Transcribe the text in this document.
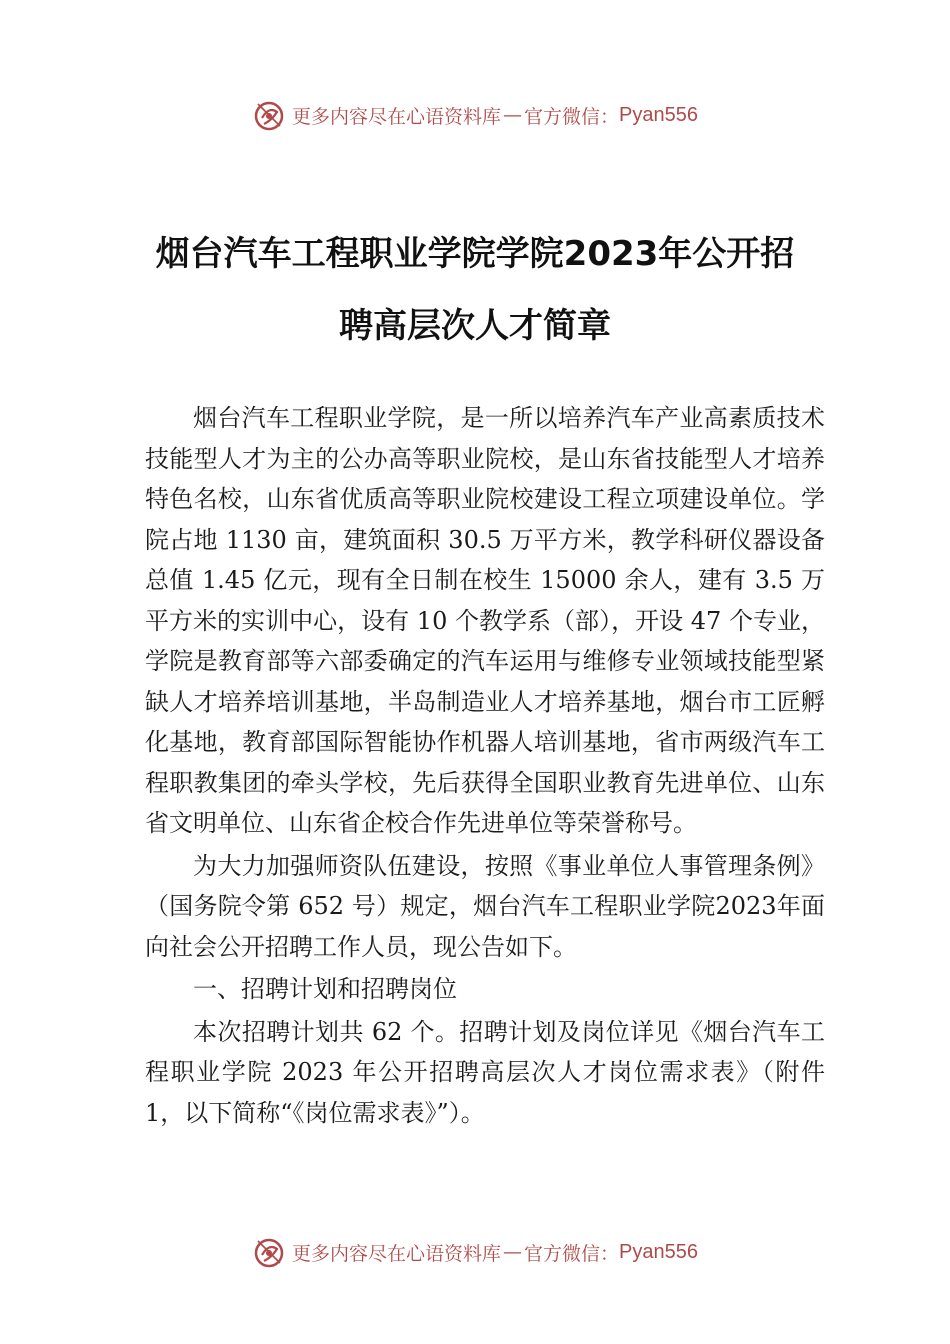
更多内容尽在心语资料库 — 官方微信： Pyan556
烟台汽车工程职业学院学院2023年公开招
聘高层次人才简章

烟台汽车工程职业学院，是一所以培养汽车产业高素质技术技能型人才为主的公办高等职业院校，是山东省技能型人才培养特色名校，山东省优质高等职业院校建设工程立项建设单位。学院占地 1130 亩，建筑面积 30.5 万平方米，教学科研仪器设备总值 1.45 亿元，现有全日制在校生 15000 余人，建有 3.5 万平方米的实训中心，设有 10 个教学系（部），开设 47 个专业，学院是教育部等六部委确定的汽车运用与维修专业领域技能型紧缺人才培养培训基地，半岛制造业人才培养基地，烟台市工匠孵化基地，教育部国际智能协作机器人培训基地，省市两级汽车工程职教集团的牵头学校，先后获得全国职业教育先进单位、山东省文明单位、山东省企校合作先进单位等荣誉称号。

为大力加强师资队伍建设，按照《事业单位人事管理条例》（国务院令第 652 号）规定，烟台汽车工程职业学院2023年面向社会公开招聘工作人员，现公告如下。

一、招聘计划和招聘岗位

本次招聘计划共 62 个。招聘计划及岗位详见《烟台汽车工程职业学院 2023 年公开招聘高层次人才岗位需求表》（附件 1，以下简称“《岗位需求表》”）。

更多内容尽在心语资料库 — 官方微信： Pyan556
